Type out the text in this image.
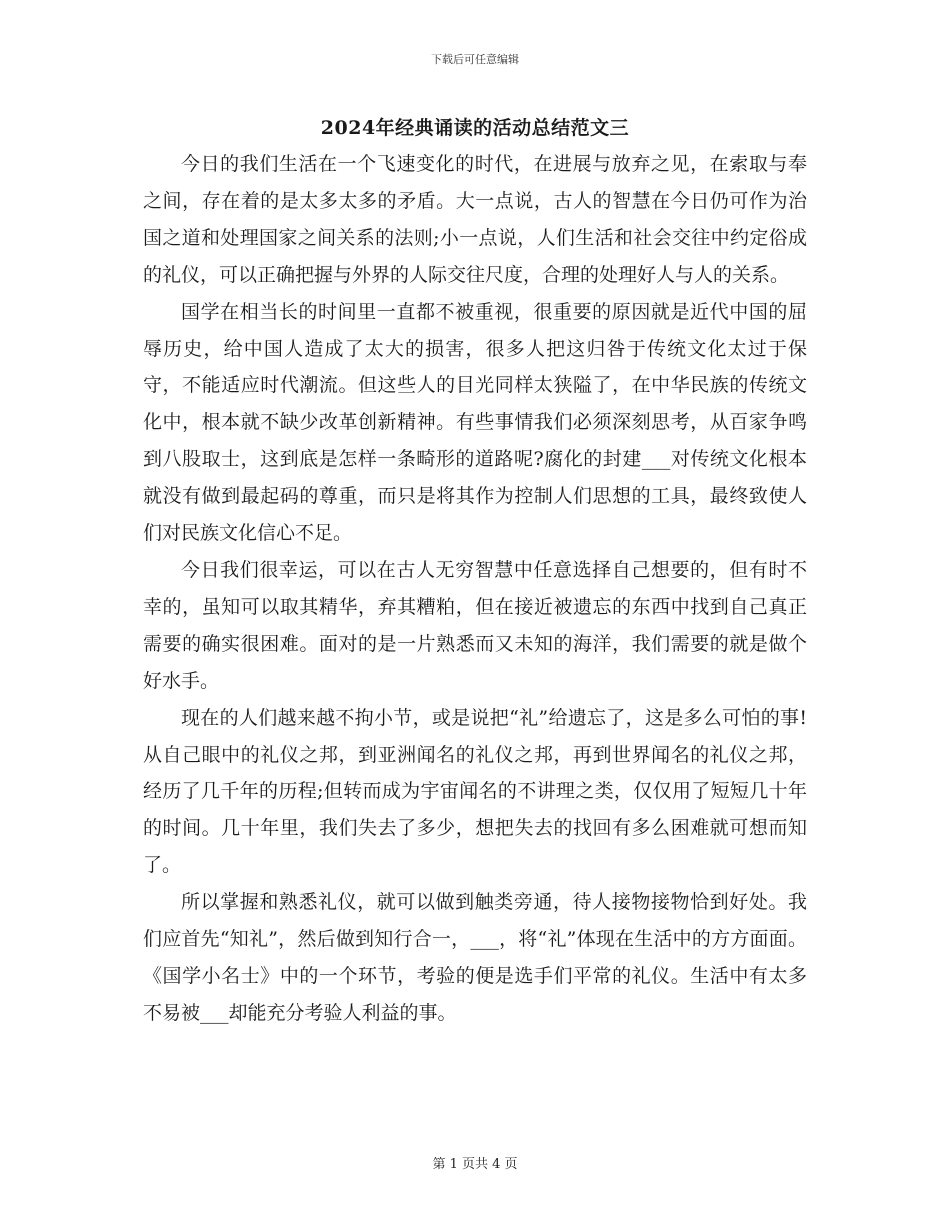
下载后可任意编辑
2024年经典诵读的活动总结范文三

今日的我们生活在一个飞速变化的时代，在进展与放弃之见，在索取与奉之间，存在着的是太多太多的矛盾。大一点说，古人的智慧在今日仍可作为治国之道和处理国家之间关系的法则;小一点说，人们生活和社会交往中约定俗成的礼仪，可以正确把握与外界的人际交往尺度，合理的处理好人与人的关系。

国学在相当长的时间里一直都不被重视，很重要的原因就是近代中国的屈辱历史，给中国人造成了太大的损害，很多人把这归咎于传统文化太过于保守，不能适应时代潮流。但这些人的目光同样太狭隘了，在中华民族的传统文化中，根本就不缺少改革创新精神。有些事情我们必须深刻思考，从百家争鸣到八股取士，这到底是怎样一条畸形的道路呢?腐化的封建___对传统文化根本就没有做到最起码的尊重，而只是将其作为控制人们思想的工具，最终致使人们对民族文化信心不足。

今日我们很幸运，可以在古人无穷智慧中任意选择自己想要的，但有时不幸的，虽知可以取其精华，弃其糟粕，但在接近被遗忘的东西中找到自己真正需要的确实很困难。面对的是一片熟悉而又未知的海洋，我们需要的就是做个好水手。

现在的人们越来越不拘小节，或是说把“礼”给遗忘了，这是多么可怕的事!从自己眼中的礼仪之邦，到亚洲闻名的礼仪之邦，再到世界闻名的礼仪之邦，经历了几千年的历程;但转而成为宇宙闻名的不讲理之类，仅仅用了短短几十年的时间。几十年里，我们失去了多少，想把失去的找回有多么困难就可想而知了。

所以掌握和熟悉礼仪，就可以做到触类旁通，待人接物接物恰到好处。我们应首先“知礼”，然后做到知行合一，___，将“礼”体现在生活中的方方面面。《国学小名士》中的一个环节，考验的便是选手们平常的礼仪。生活中有太多不易被___却能充分考验人利益的事。

第 1 页共 4 页
